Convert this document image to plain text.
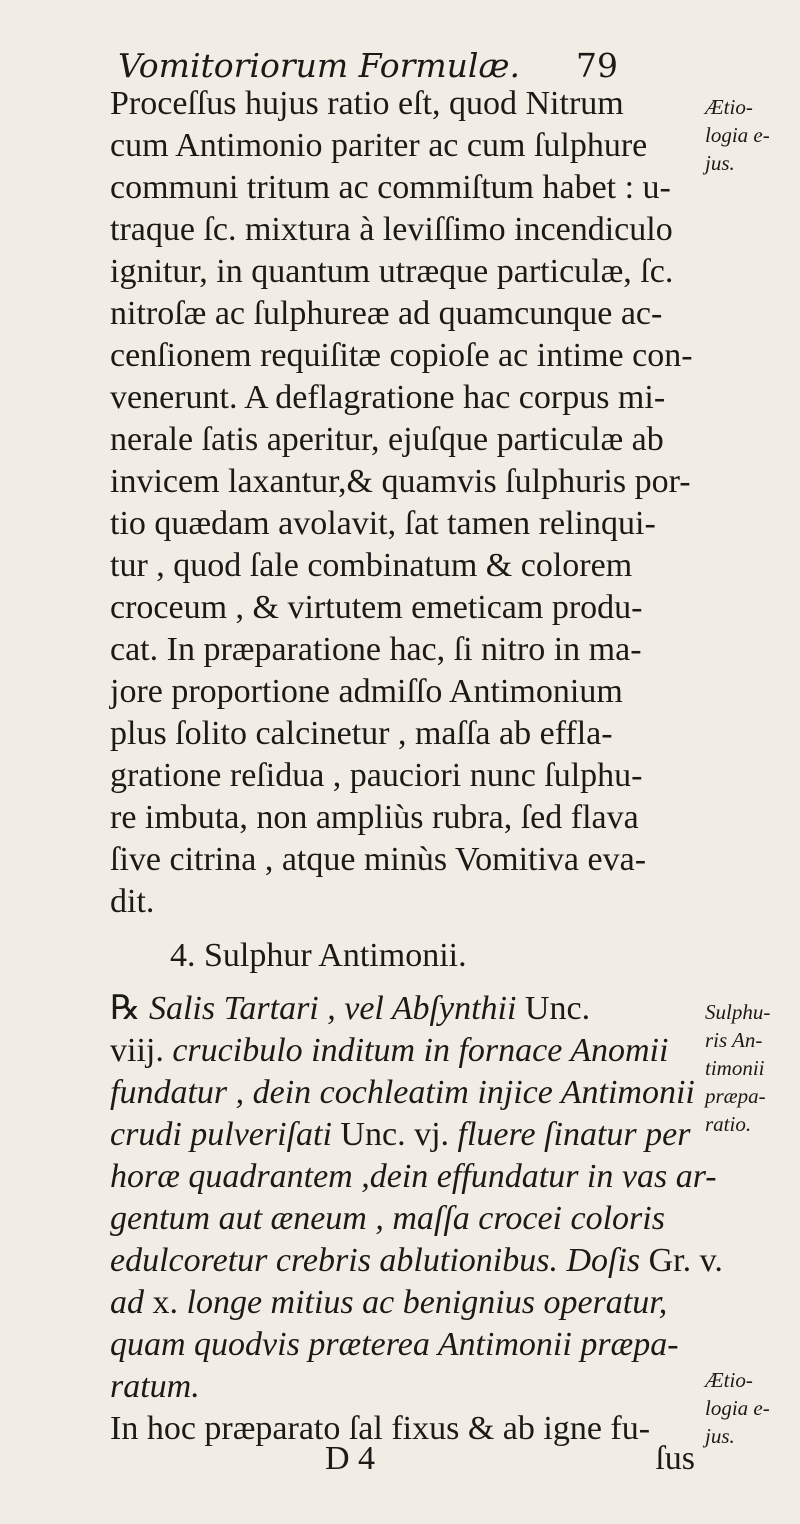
Vomitoriorum Formulæ. 79
Proceſſus hujus ratio eſt, quod Nitrum
cum Antimonio pariter ac cum ſulphure
communi tritum ac commiſtum habet : u-
traque ſc. mixtura à leviſſimo incendiculo
ignitur, in quantum utræque particulæ, ſc.
nitroſæ ac ſulphureæ ad quamcunque ac-
cenſionem requiſitæ copioſe ac intime con-
venerunt. A deflagratione hac corpus mi-
nerale ſatis aperitur, ejuſque particulæ ab
invicem laxantur,& quamvis ſulphuris por-
tio quædam avolavit, ſat tamen relinqui-
tur , quod ſale combinatum & colorem
croceum , & virtutem emeticam produ-
cat. In præparatione hac, ſi nitro in ma-
jore proportione admiſſo Antimonium
plus ſolito calcinetur , maſſa ab efflа-
gratione reſidua , pauciori nunc ſulphu-
re imbuta, non ampliùs rubra, ſed flava
ſive citrina , atque minùs Vomitiva eva-
dit.
4. Sulphur Antimonii.
℞ Salis Tartari , vel Abſynthii Unc.
viij. crucibulo inditum in fornace Anomii
fundatur , dein cochleatim injice Antimonii
crudi pulveriſati Unc. vj. fluere ſinatur per
horæ quadrantem ,dein effundatur in vas ar-
gentum aut æneum , maſſa crocei coloris
edulcoretur crebris ablutionibus. Doſis Gr. v.
ad x. longe mitius ac benignius operatur,
quam quodvis præterea Antimonii præpa-
ratum.
In hoc præparato ſal fixus & ab igne fu-
Ætio-
logia e-
jus.
Sulphu-
ris An-
timonii
præpa-
ratio.
Ætio-
logia e-
jus.
D 4	ſus
